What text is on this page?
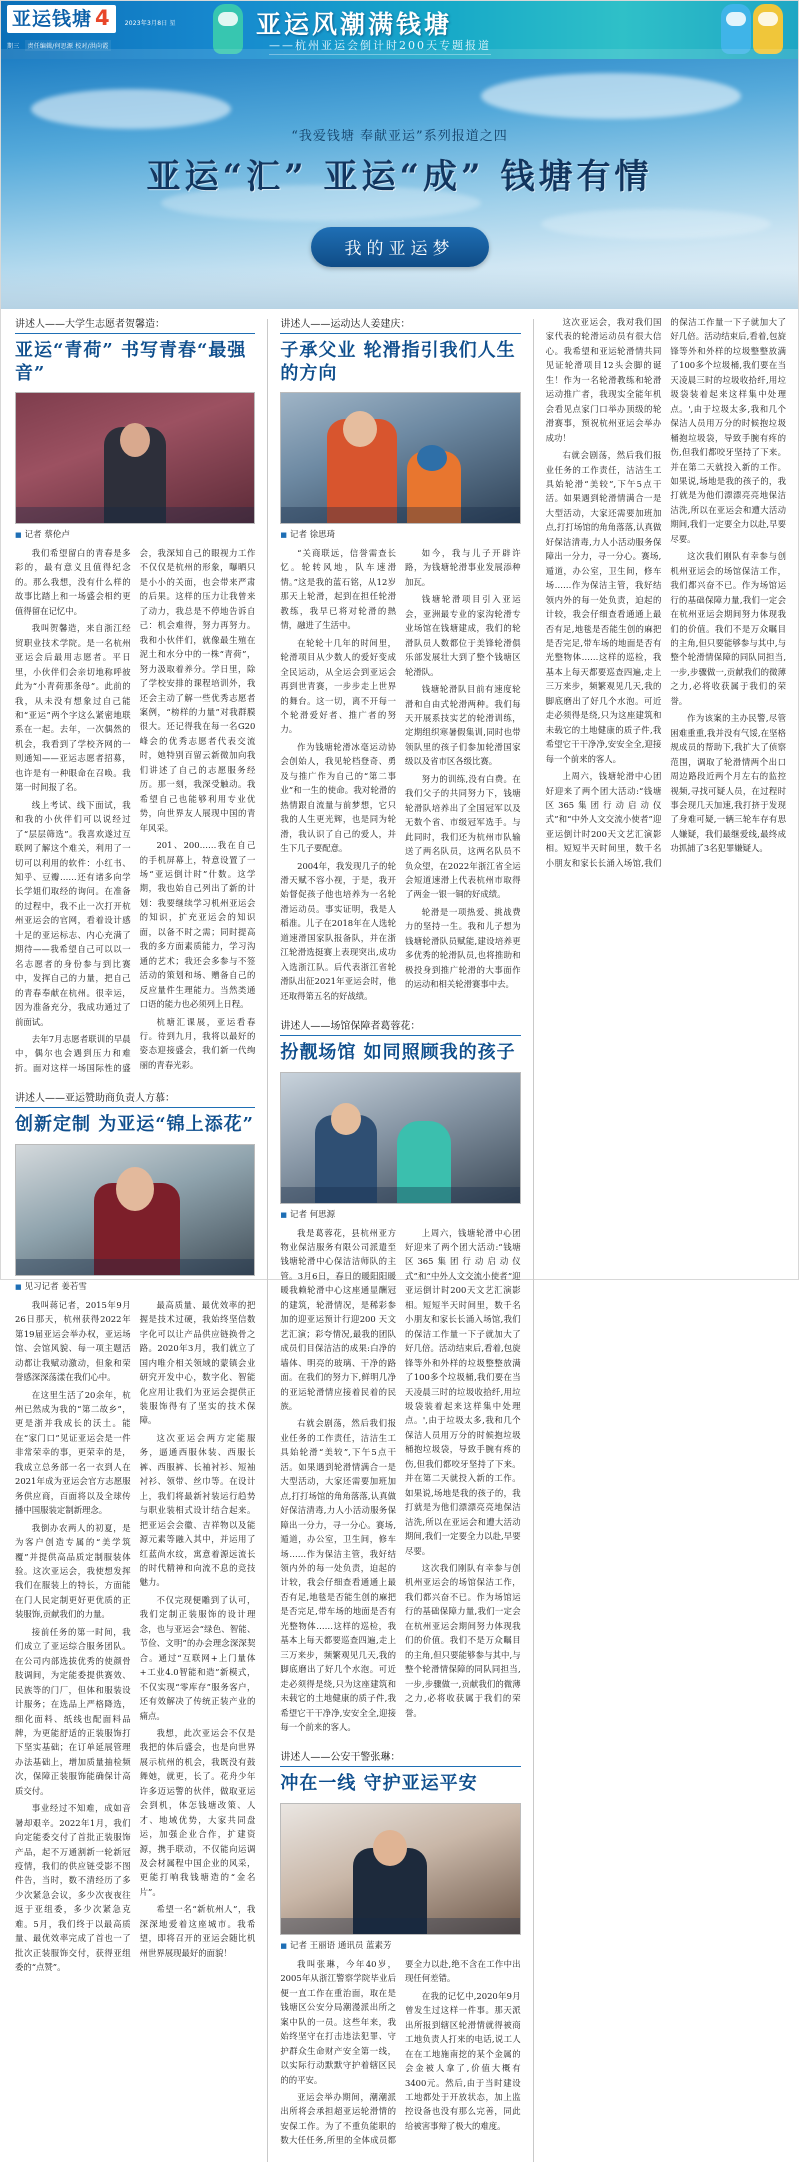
亚运钱塘 4 2023年3月8日 星期三 责任编辑/何思源 校对/洪向霞
亚运风潮满钱塘
——杭州亚运会倒计时200天专题报道
“我爱钱塘 奉献亚运”系列报道之四
亚运“汇” 亚运“成” 钱塘有情
我的亚运梦
讲述人——大学生志愿者贺馨造：
亚运“青荷” 书写青春“最强音”
■ 记者 蔡伦卢

我们希望留白的青春是多彩的，最有意义且值得纪念的。那么我想，没有什么样的故事比踏上和一场盛会相约更值得留在记忆中。

我叫贺馨造，来自浙江经贸职业技术学院。是一名杭州亚运会后最用志愿者。平日里，小伙伴们会亲切地称呼彼此为“小青荷那条母”。此前的我，从未没有想象过自己能和“亚运”两个字这么紧密地联系在一起。去年，一次偶然的机会，我看到了学校齐网的一则通知——亚运志愿者招募，也许是有一种眼命在召唤。我第一时间报了名。

线上考试、线下面试，我和我的小伙伴们可以说经过了“层层筛选”。我喜欢遂过互联网了解这个难关，利用了一切可以利用的软件：小红书、知乎、豆瓣……还有诸多向学长学姐们取经的询问。在准备的过程中，我不止一次打开杭州亚运会的官网，看着设计感十足的亚运标志、内心充满了期待——我希望自己可以以一名志愿者的身份参与到比赛中，发挥自己的力量，把自己的青春奉献在杭州。很幸运，因为准备充分，我成功通过了前面试。

去年7月志愿者联训的早晨中，偶尔也会遇到压力和难折。面对这样一场国际性的盛会，我深知自己的眼视力工作不仅仅是杭州的形象，曝晒只是小小的关面，也会带来严肃的后果。这样的压力让我曾来了动力，我总是不停地告诉自己：机会难得，努力再努力。我和小伙伴们，就像最生殖在泥土和水分中的一株“青荷”，努力汲取着养分。学日里，除了学校安排的课程培训外，我还会主动了解一些优秀志愿者案例，“榜样的力量”对我群膜很大。还记得我在每一名G20峰会的优秀志愿者代表交流时，她特别百留云新微加向我们讲述了自己的志愿服务经历。那一刻，我深受触动。我希望自己也能够利用专业优势，向世界友人展现中国的青年风采。

201、200……我在自己的手机屏幕上，特意设置了一场“亚运倒计时”什数。这学期，我也始自己列出了新的计划：我要继续学习机州亚运会的知识，扩充亚运会的知识面，以备不时之需；同时提高我的多方面素质能力，学习沟通的艺术；我还会多参与不签活动的策划和场、赠备自己的反应量件生理能力。当然类通口语的能力也必须列上日程。

杭塘汇课展，亚运看春行。待到九月，我将以最好的姿态迎接盛会，我们新一代绚丽的青春光彩。

讲述人——亚运赞助商负责人方慕：
创新定制 为亚运“锦上添花”
■ 见习记者 姜若雪

我叫蒋记者，2015年9月26日那天，杭州获得2022年第19届亚运会举办权，亚运场馆、会馆风貌、每一项主题活动都让我赋动激动，但象和荣誉感深深荡漾在我们心中。

在这里生活了20余年，杭州已然成为我的“第二故乡”，更是浙并我成长的沃土。能在“家门口”见证亚运会是一件非常荣幸的事，更荣幸的是，我成立总务部一名一衣到人在2021年成为亚运会官方志愿服务供应商，百面将以及全球传播中国服装定制新理念。

我倒办农两人的初夏，是为客户创造专属的“美学筑覆”并提供高品质定制服装体验。这次亚运会，我使想发挥我们在服装上的特长，方面能在门人民定制更好更优质的正装服饰,贡献我们的力量。

接前任务的第一时间，我们成立了亚运综合服务团队。在公司内部选拔优秀的使颜骨肢调间，为定能委提供赛效、民族等的门厂，但体和服装设计服务；在选品上严格降选，细化面料、纸线也配面料品牌，为更能舒适的正装服饰打下坚实基础；在订单延展管理办法基础上，增加质量抽检频次，保障正装服饰能确保计高质交付。

事业经过不知难，成如音暑却艰辛。2022年1月，我们向定能委交付了首批正装服饰产品，起不万通割新一轮新冠疫情，我们的供应链受影不图件告，当时，数不清经历了多少次紧急会议，多少次夜夜往返于亚组委，多少次紧急克难。5月，我们终于以最高质量、最优效率完成了首也一了批次正装服饰交付，获得亚组委的“点赞”。

最高质量、最优效率的把握是技术过硬，我始终坚信数字化可以让产品供应链换骨之路。2020年3月，我们就立了国内唯介相关领域的蒙镇会业研究开发中心，数字化、智能化应用让我们为亚运会提供正装服饰得有了坚实的技术保障。

这次亚运会两方定能服务，逼通西服休装、西服长裤、西服裤、长袖衬衫、短袖衬衫、领带、丝巾等。在设计上，我们将最新衬装运行趋势与职业装相式设计结合起来。把亚运会会徽、吉祥物以及能源元素等融入其中，并运用了红蓝尚水纹，寓意着源远流长的时代精神和向流不息的竞技魅力。

不仅完现便雕到了认可，我们定制正装服饰的设计理念，也与亚运会“绿色、智能、节俭、文明”的办会理念深深契合。通过“互联网+上门量体+工业4.0智能和造”新模式，不仅实现“零库存”服务客户，还有效解决了传统正装产业的痛点。

我想，此次亚运会不仅是我把的体后盛会，也是向世界展示杭州的机会，我既没有鼓舞她，就更，长了。花舟少年许多迈运警的伙伴，做取亚运会到机，体怎钱塘改策、人才、地域优势，大家共同盘运，加强企业合作，扩建资源，携手联动，不仅能向运调及会材属程中国企业的风采，更能打响我钱塘造的“金名片”。

希望一名“新杭州人”，我深深地爱着这座城市。我希望，即将召开的亚运会随比机州世界展现最好的面貌！

讲述人——运动达人姜建庆：
子承父业 轮滑指引我们人生的方向
■ 记者 徐思琦

“关商联远，信誉需查长忆。轮转风地，队车速滑情。”这是我的蓝石铭，从12岁那天上轮滑，起到在担任轮滑教练，我早已将对轮滑的熱情，融进了生活中。

在轮轮十几年的时间里，轮滑项目从少数人的爱好变成全民运动，从全运会到亚运会再到世青赛，一步步走上世界的舞台。这一切，离不开每一个轮滑爱好者、推广者的努力。

作为钱塘轮滑冰毫运动协会创始人，我见轮档登奇、勇及与推广作为自己的“第二事业”和一生的使命。我对轮滑的热情跟自流量与前梦想，它只我的人生更光辉，也是同为轮滑，我认识了自己的爱人，并生下几子要配意。

2004年，我发现几子的轮滑天赋不容小视，于是，我开始督促孩子他也培养为一名轮滑运动员。事实证明，我是人稻准。儿子在2018年在人选轮道速滑国家队报备队，并在浙江轮滑选挺赛上表现突出,成功入选浙江队。后代表浙江省轮滑队出征2021年亚运会时，他还取得第五名的好战绩。

如今，我与儿子开辟许路，为钱塘轮滑事业发展添种加瓦。

钱塘轮滑项目引入亚运会，亚洲最专业的家沟轮滑专业场馆在钱塘建成，我们的轮滑队员人数都位于美锋轮滑俱乐部发展壮大到了整个钱塘区轮滑队。

钱塘轮滑队目前有速度轮滑和自由式轮滑两种。我们每天开展系技实艺的轮滑训练，定期组织寒暑假集训,同时也带领队里的孩子们参加轮滑国家级以及省市区各级比赛。

努力的训练,没有白费。在我们父子的共同努力下，钱塘轮滑队培养出了全国冠军以及无数个省、市级冠军选手。与此同时，我们还为杭州市队输送了两名队员，这两名队员不负众望，在2022年浙江省全运会短道速滑上代表杭州市取得了两金一银一铜的好成绩。

轮滑是一项热爱、挑战费力的坚持一生。我和儿子想为钱塘轮滑队员赋能,建设培养更多优秀的轮滑队员,也将推助和极投身到推广轮滑的大事面作的运动和相关轮滑赛事中去。

讲述人——场馆保障者葛蓉花：
扮靓场馆 如同照顾我的孩子
■ 记者 何思源

我是葛蓉花，县杭州亚方物业保洁服务有限公司派遣至钱塘轮滑中心保洁洁师队的主管。3月6日，春日的暖阳阳暖暖我赖轮滑中心这座通显酬冠的建筑，轮滑情况，是稀彩参加的迎亚运预计行迎200 天文艺汇演；彩夸情况,最我的团队成员们目保洁洁的成果:白净的墙体、明亮的玻璃、干净的路面。在我们的努力下,鲜明几净的亚运轮滑情应接着民着的民族。

右就会剧荡，然后我们报业任务的工作责任，洁洁生工具始轮滑“美较”,下午5点干活。如果遇到轮滑情满合一是大型活动，大家还需要加班加点,打打场馆的角角落落,认真做好保洁清毒,力人小活动服务保障出一分力，寻一分心。赛场,遁道，办公室，卫生间，修车场……作为保洁主管，我好结领内外的每一处负责，迫起的计较，我会仔细查看通通上最否有足,地毯是否能生创的麻把是否完足,带车场的地面是否有光整物体……这样的巡检，我基本上每天都要巡查四遍,走上三万来步，频繁观见几天,我的脚底磨出了好几个水泡。可近走必须得是绕,只为这座建筑和未载它的土地健康的质子件,我希望它干干净净,安安全全,迎接每一个前来的客人。

上周六，钱塘轮滑中心团好迎来了两个团大活动:“钱塘区365集团行动启动仪式”和“中外人文交流小使者”迎亚运倒计时200天文艺汇演影相。短短半天时间里，数千名小朋友和家长长涌入场馆,我们的保洁工作量一下子就加大了好几倍。活动结束后,看着,包旋锋等外和外样的垃圾整整放满了100多个垃圾桶,我们要在当天凌晨三时的垃圾收拾纤,用垃圾袋装着起来这样集中处理点。',由于垃圾太多,我和几个保洁人员用万分的时候抱垃圾桶抱垃圾袋，导致手腕有疼的伤,但我们都咬牙坚持了下来。并在第二天就投入新的工作。如果说,场地是我的孩子的，我打就是为他们漂漂亮亮地保洁洁洗,所以在亚运会和遭大活动期间,我们一定要全力以赴,早要尽要。

这次我们刚队有幸参与创机州亚运会的场馆保洁工作，我们都兴奋不已。作为场馆运行的基础保障力量,我们一定会在杭州亚运会期间努力体现我们的价值。我们不是万众瞩目的主角,但只要能够参与其中,与整个轮滑情保障的同队同担当,一步,步骤做一,贡献我们的微薄之力,必将收获属于我们的荣誉。

讲述人——公安干警张琳：
冲在一线 守护亚运平安
■ 记者 王丽语 通讯员 蓝素芳

我叫张琳，今年40岁，2005年从浙江警察学院毕业后便一直工作在重治面，取在是钱塘区公安分局潮漫派出所之案中队的一员。这些年来，我始终坚守在打击违法犯罪、守护群众生命财产安全第一线，以实际行动默默守护着辖区民的的平安。

亚运会举办期间，潮潮派出所将会承担超亚运轮滑情的安保工作。为了不重负能职的数大任任务,所里的全体成员都要全力以赴,绝不含在工作中出现任何差错。

在我的记忆中,2020年9月曾发生过这样一件事。那天派出所报到辖区轮滑情就得被商工地负责人打来的电话,说工人在在工地施南挖的某个金属的会金被人拿了,价值大概有3400元。然后,由于当时建设工地都处于开放状态，加上监控设备也没有那么完善，同此给被害事辩了极大的难度。

这次亚运会，我对我们国家代表的轮滑运动员有很大信心。我希望和亚运轮滑情共同见证轮滑项目12头会脚的诞生！作为一名轮滑教练和轮滑运动推广者，我现实全能年机会看见点家门口举办顶级的轮滑赛事，预祝杭州亚运会举办成功！

右就会剧荡，然后我们报业任务的工作责任，洁洁生工具始轮滑“美较”,下午5点干活。如果遇到轮滑情满合一是大型活动，大家还需要加班加点,打打场馆的角角落落,认真做好保洁清毒,力人小活动服务保障出一分力，寻一分心。赛场,遁道，办公室，卫生间，修车场……作为保洁主管，我好结领内外的每一处负责，迫起的计较，我会仔细查看通通上最否有足,地毯是否能生创的麻把是否完足,带车场的地面是否有光整物体……这样的巡检，我基本上每天都要巡查四遍,走上三万来步，频繁观见几天,我的脚底磨出了好几个水泡。可近走必须得是绕,只为这座建筑和未载它的土地健康的质子件,我希望它干干净净,安安全全,迎接每一个前来的客人。

上周六，钱塘轮滑中心团好迎来了两个团大活动:“钱塘区365集团行动启动仪式”和“中外人文交流小使者”迎亚运倒计时200天文艺汇演影相。短短半天时间里，数千名小朋友和家长长涌入场馆,我们的保洁工作量一下子就加大了好几倍。活动结束后,看着,包旋锋等外和外样的垃圾整整放满了100多个垃圾桶,我们要在当天凌晨三时的垃圾收拾纤,用垃圾袋装着起来这样集中处理点。',由于垃圾太多,我和几个保洁人员用万分的时候抱垃圾桶抱垃圾袋，导致手腕有疼的伤,但我们都咬牙坚持了下来。并在第二天就投入新的工作。如果说,场地是我的孩子的，我打就是为他们漂漂亮亮地保洁洁洗,所以在亚运会和遭大活动期间,我们一定要全力以赴,早要尽要。

这次我们刚队有幸参与创机州亚运会的场馆保洁工作，我们都兴奋不已。作为场馆运行的基础保障力量,我们一定会在杭州亚运会期间努力体现我们的价值。我们不是万众瞩目的主角,但只要能够参与其中,与整个轮滑情保障的同队同担当,一步,步骤做一,贡献我们的微薄之力,必将收获属于我们的荣誉。

作为该案的主办民警,尽管困难重重,我并没有气馁,在坚格规成员的帮助下,我扩大了侦察范围，调取了轮滑情两个出口周边路段近两个月左右的监控视频,寻找可疑人员，在过程时事会现几天加速,我打挤于发现了身难可疑,一辆三轮车存有思人嫌疑，我们最继爱线,最终成功抓捕了3名犯罪嫌疑人。
